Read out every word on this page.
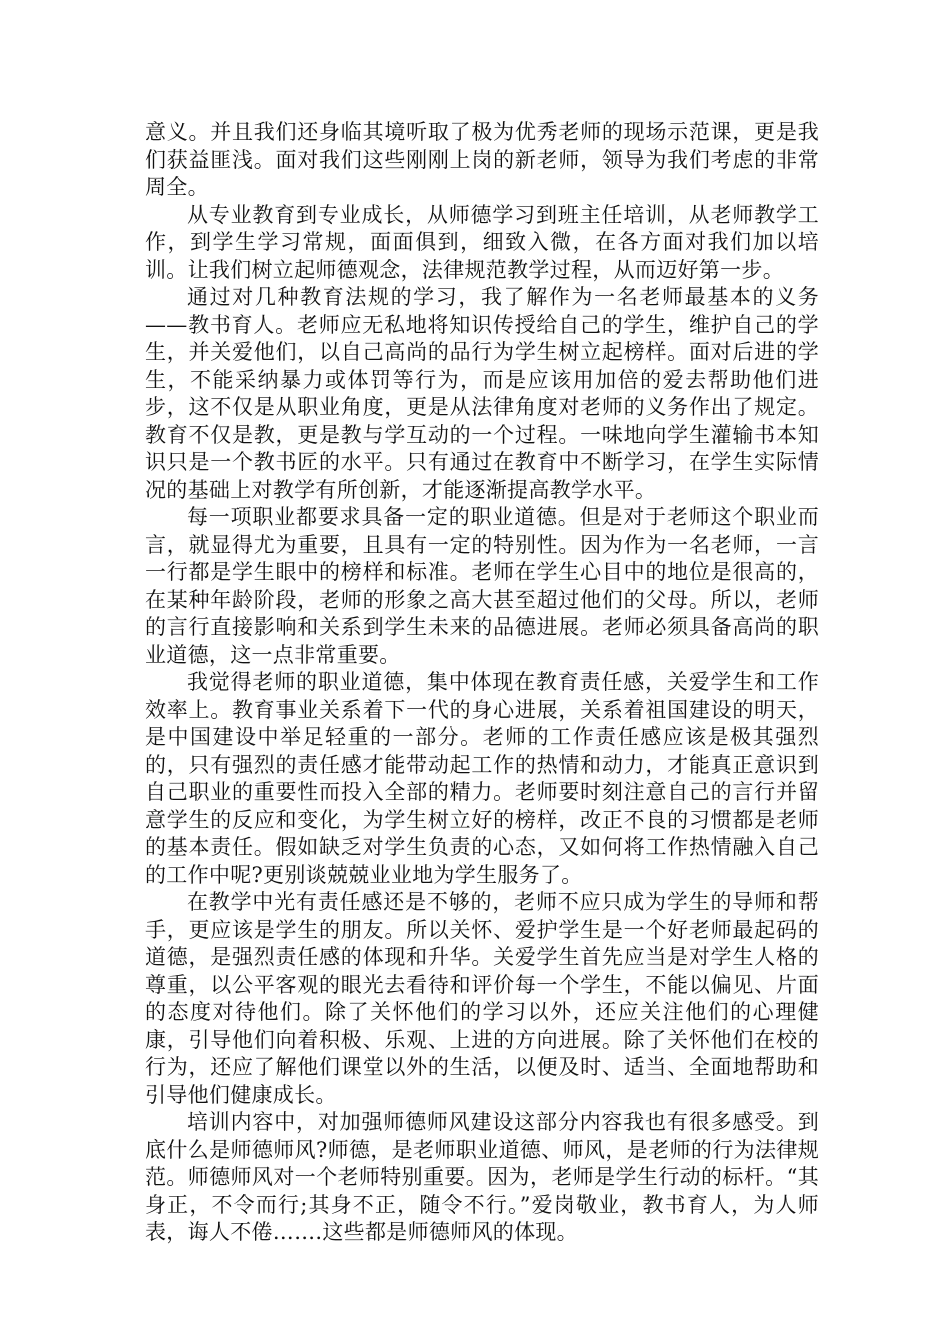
意义。并且我们还身临其境听取了极为优秀老师的现场示范课，更是我们获益匪浅。面对我们这些刚刚上岗的新老师，领导为我们考虑的非常周全。

从专业教育到专业成长，从师德学习到班主任培训，从老师教学工作，到学生学习常规，面面俱到，细致入微，在各方面对我们加以培训。让我们树立起师德观念，法律规范教学过程，从而迈好第一步。

通过对几种教育法规的学习，我了解作为一名老师最基本的义务——教书育人。老师应无私地将知识传授给自己的学生，维护自己的学生，并关爱他们，以自己高尚的品行为学生树立起榜样。面对后进的学生，不能采纳暴力或体罚等行为，而是应该用加倍的爱去帮助他们进步，这不仅是从职业角度，更是从法律角度对老师的义务作出了规定。教育不仅是教，更是教与学互动的一个过程。一味地向学生灌输书本知识只是一个教书匠的水平。只有通过在教育中不断学习，在学生实际情况的基础上对教学有所创新，才能逐渐提高教学水平。

每一项职业都要求具备一定的职业道德。但是对于老师这个职业而言，就显得尤为重要，且具有一定的特别性。因为作为一名老师，一言一行都是学生眼中的榜样和标准。老师在学生心目中的地位是很高的，在某种年龄阶段，老师的形象之高大甚至超过他们的父母。所以，老师的言行直接影响和关系到学生未来的品德进展。老师必须具备高尚的职业道德，这一点非常重要。

我觉得老师的职业道德，集中体现在教育责任感，关爱学生和工作效率上。教育事业关系着下一代的身心进展，关系着祖国建设的明天，是中国建设中举足轻重的一部分。老师的工作责任感应该是极其强烈的，只有强烈的责任感才能带动起工作的热情和动力，才能真正意识到自己职业的重要性而投入全部的精力。老师要时刻注意自己的言行并留意学生的反应和变化，为学生树立好的榜样，改正不良的习惯都是老师的基本责任。假如缺乏对学生负责的心态，又如何将工作热情融入自己的工作中呢?更别谈兢兢业业地为学生服务了。

在教学中光有责任感还是不够的，老师不应只成为学生的导师和帮手，更应该是学生的朋友。所以关怀、爱护学生是一个好老师最起码的道德，是强烈责任感的体现和升华。关爱学生首先应当是对学生人格的尊重，以公平客观的眼光去看待和评价每一个学生，不能以偏见、片面的态度对待他们。除了关怀他们的学习以外，还应关注他们的心理健康，引导他们向着积极、乐观、上进的方向进展。除了关怀他们在校的行为，还应了解他们课堂以外的生活，以便及时、适当、全面地帮助和引导他们健康成长。

培训内容中，对加强师德师风建设这部分内容我也有很多感受。到底什么是师德师风?师德，是老师职业道德、师风，是老师的行为法律规范。师德师风对一个老师特别重要。因为，老师是学生行动的标杆。“其身正，不令而行;其身不正，随令不行。”爱岗敬业，教书育人，为人师表，诲人不倦…….这些都是师德师风的体现。
